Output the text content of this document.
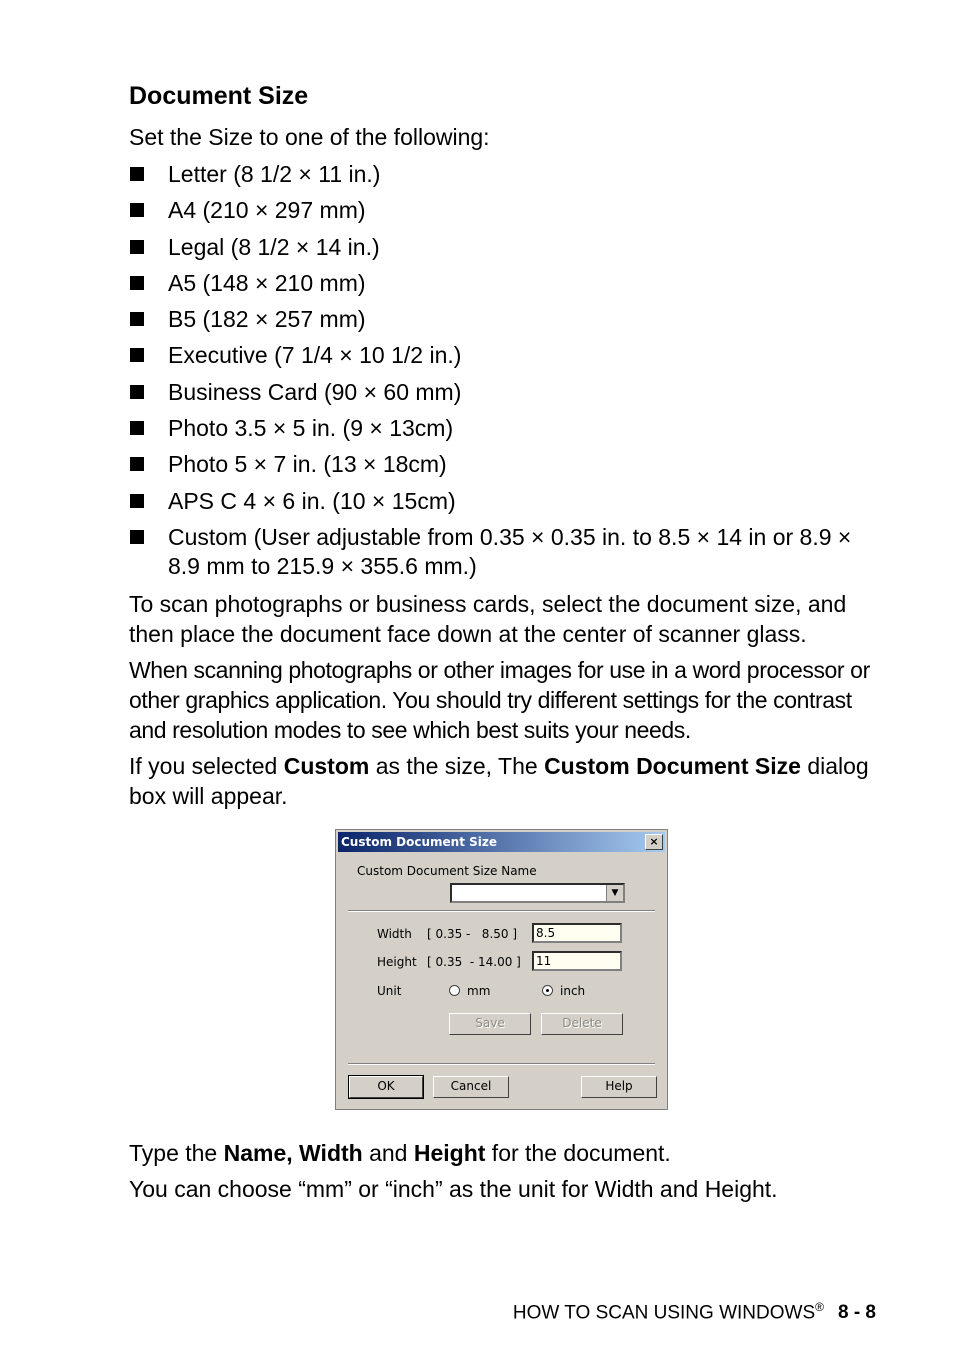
Document Size
Set the Size to one of the following:
Letter (8 1/2 × 11 in.)
A4 (210 × 297 mm)
Legal (8 1/2 × 14 in.)
A5 (148 × 210 mm)
B5 (182 × 257 mm)
Executive (7 1/4 × 10 1/2 in.)
Business Card (90 × 60 mm)
Photo 3.5 × 5 in. (9 × 13cm)
Photo 5 × 7 in. (13 × 18cm)
APS C 4 × 6 in. (10 × 15cm)
Custom (User adjustable from 0.35 × 0.35 in. to 8.5 × 14 in or 8.9 × 8.9 mm to 215.9 × 355.6 mm.)
To scan photographs or business cards, select the document size, and then place the document face down at the center of scanner glass.
When scanning photographs or other images for use in a word processor or other graphics application. You should try different settings for the contrast and resolution modes to see which best suits your needs.
If you selected Custom as the size, The Custom Document Size dialog box will appear.
Custom Document Size	×
Custom Document Size Name
▼
Width [ 0.35 -   8.50 ]	8.5
Height [ 0.35  - 14.00 ]	11
Unit	mm	inch
Save	Delete
OK	Cancel	Help
Type the Name, Width and Height for the document.
You can choose “mm” or “inch” as the unit for Width and Height.
HOW TO SCAN USING WINDOWS® 8 - 8
